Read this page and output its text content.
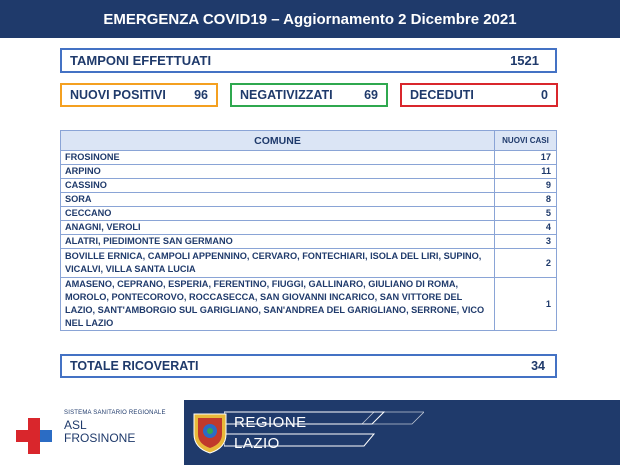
EMERGENZA COVID19 – Aggiornamento 2 Dicembre 2021
TAMPONI EFFETTUATI	1521
NUOVI POSITIVI 96	NEGATIVIZZATI	69	DECEDUTI	0
COMUNE	NUOVI CASI
FROSINONE	17
ARPINO	11
CASSINO	9
SORA	8
CECCANO	5
ANAGNI, VEROLI	4
ALATRI, PIEDIMONTE SAN GERMANO	3
BOVILLE ERNICA, CAMPOLI APPENNINO, CERVARO, FONTECHIARI, ISOLA DEL LIRI, SUPINO, VICALVI, VILLA SANTA LUCIA	2
AMASENO, CEPRANO, ESPERIA, FERENTINO, FIUGGI, GALLINARO, GIULIANO DI ROMA, MOROLO, PONTECOROVO, ROCCASECCA, SAN GIOVANNI INCARICO, SAN VITTORE DEL LAZIO, SANT'AMBORGIO SUL GARIGLIANO, SAN'ANDREA DEL GARIGLIANO, SERRONE, VICO NEL LAZIO	1
TOTALE RICOVERATI	34
SISTEMA SANITARIO REGIONALE
ASL
FROSINONE
REGIONE
LAZIO
